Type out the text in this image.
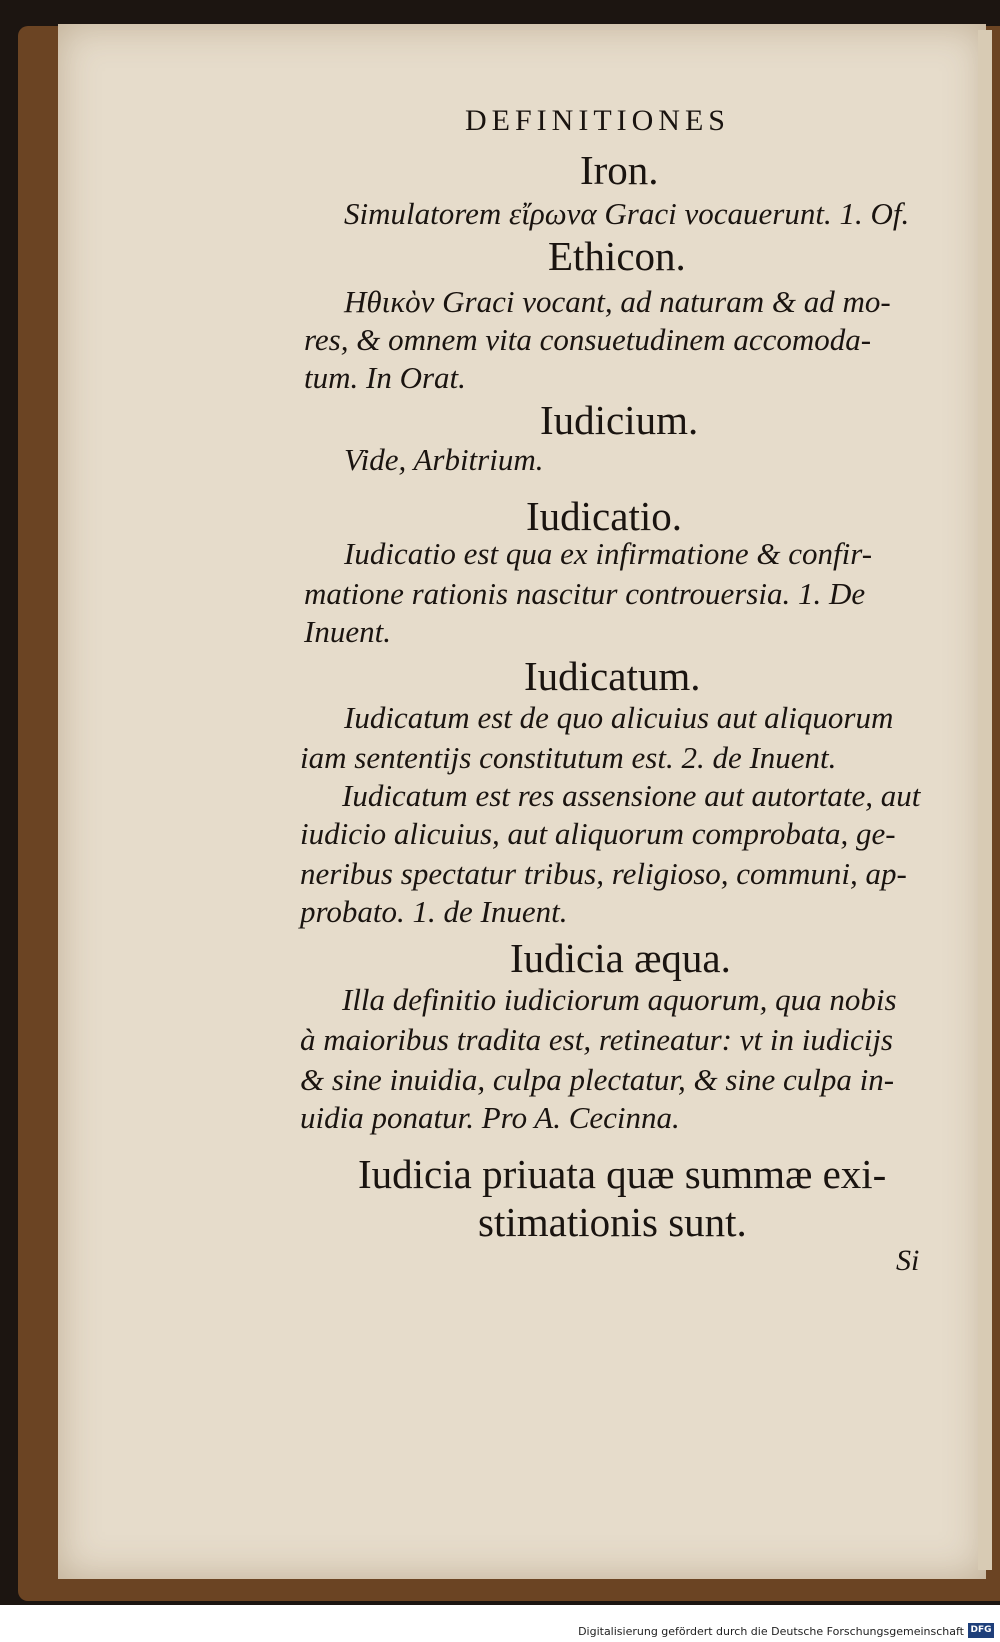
DEFINITIONES
Iron.
Simulatorem εἴρωνα Graci vocauerunt. 1. Of.
Ethicon.
Ηθικὸν Graci vocant, ad naturam & ad mo-
res, & omnem vita consuetudinem accomoda-
tum. In Orat.
Iudicium.
Vide, Arbitrium.
Iudicatio.
Iudicatio est qua ex infirmatione & confir-
matione rationis nascitur controuersia. 1. De
Inuent.
Iudicatum.
Iudicatum est de quo alicuius aut aliquorum
iam sententijs constitutum est. 2. de Inuent.
Iudicatum est res assensione aut autortate, aut
iudicio alicuius, aut aliquorum comprobata, ge-
neribus spectatur tribus, religioso, communi, ap-
probato. 1. de Inuent.
Iudicia æqua.
Illa definitio iudiciorum aquorum, qua nobis
à maioribus tradita est, retineatur: vt in iudicijs
& sine inuidia, culpa plectatur, & sine culpa in-
uidia ponatur. Pro A. Cecinna.
Iudicia priuata quæ summæ exi-
stimationis sunt.
Si
Digitalisierung gefördert durch die Deutsche Forschungsgemeinschaft DFG
